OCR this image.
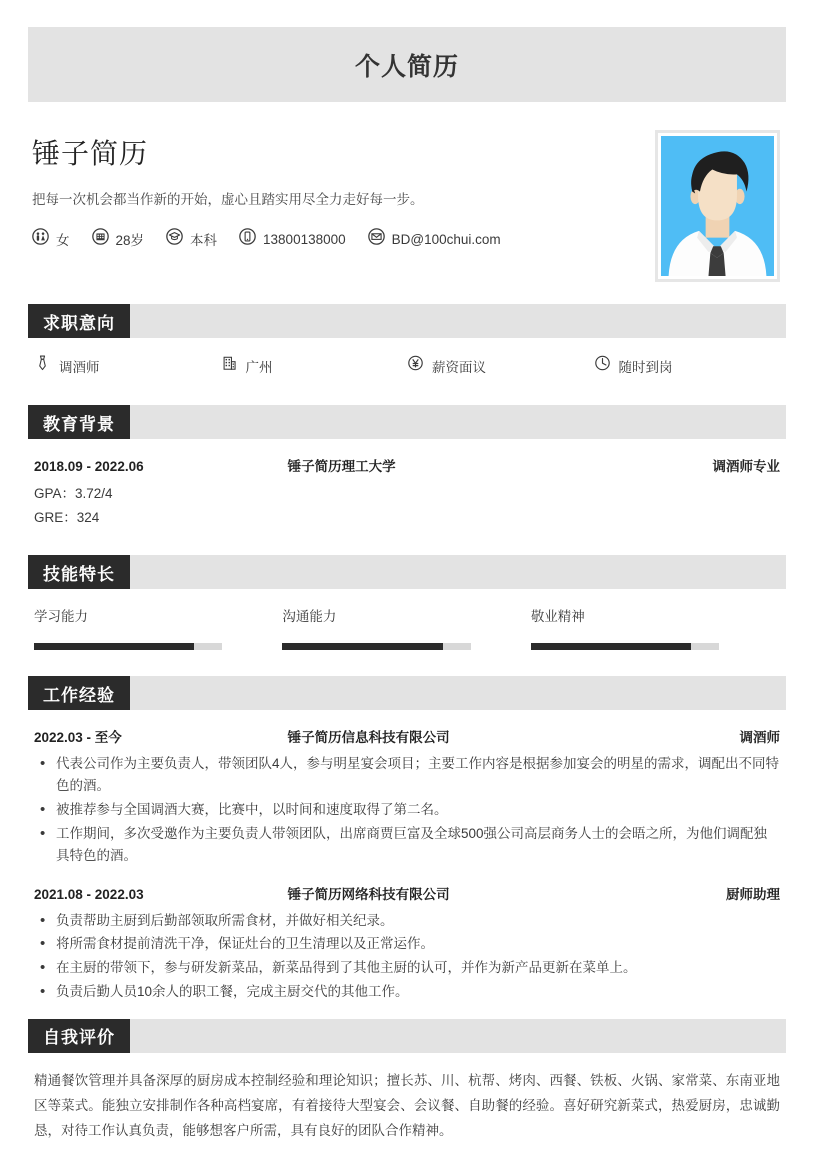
个人简历
锤子简历
把每一次机会都当作新的开始，虚心且踏实用尽全力走好每一步。
女	28岁	本科	13800138000	BD@100chui.com
求职意向
调酒师	广州	薪资面议	随时到岗
教育背景
2018.09 - 2022.06	锤子简历理工大学	调酒师专业
GPA：3.72/4
GRE：324
技能特长
学习能力	沟通能力	敬业精神
工作经验
2022.03 - 至今	锤子简历信息科技有限公司	调酒师
• 代表公司作为主要负责人，带领团队4人，参与明星宴会项目；主要工作内容是根据参加宴会的明星的需求，调配出不同特色的酒。
• 被推荐参与全国调酒大赛，比赛中，以时间和速度取得了第二名。
• 工作期间，多次受邀作为主要负责人带领团队，出席商贾巨富及全球500强公司高层商务人士的会晤之所，为他们调配独具特色的酒。
2021.08 - 2022.03	锤子简历网络科技有限公司	厨师助理
• 负责帮助主厨到后勤部领取所需食材，并做好相关纪录。
• 将所需食材提前清洗干净，保证灶台的卫生清理以及正常运作。
• 在主厨的带领下，参与研发新菜品，新菜品得到了其他主厨的认可，并作为新产品更新在菜单上。
• 负责后勤人员10余人的职工餐，完成主厨交代的其他工作。
自我评价
精通餐饮管理并具备深厚的厨房成本控制经验和理论知识；擅长苏、川、杭帮、烤肉、西餐、铁板、火锅、家常菜、东南亚地区等菜式。能独立安排制作各种高档宴席，有着接待大型宴会、会议餐、自助餐的经验。喜好研究新菜式，热爱厨房，忠诚勤恳，对待工作认真负责，能够想客户所需，具有良好的团队合作精神。
